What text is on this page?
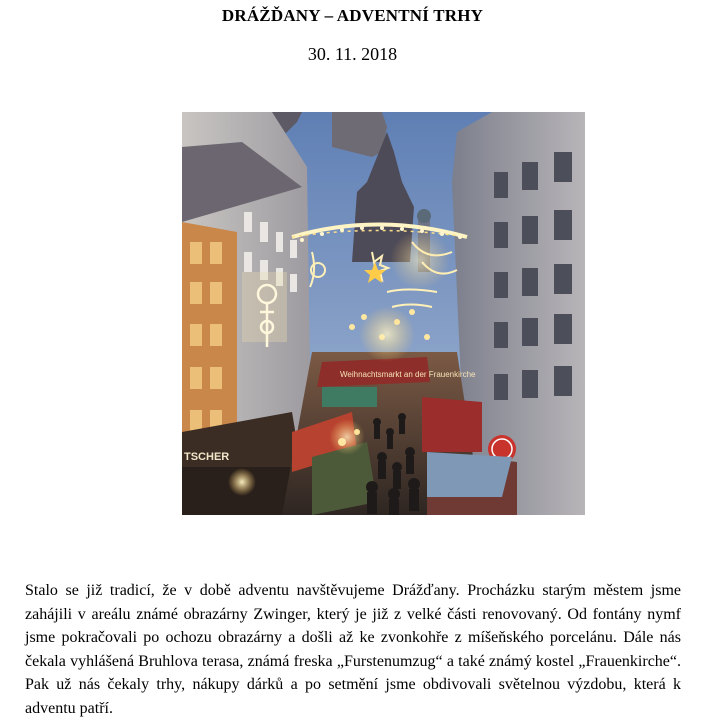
DRÁŽĎANY – ADVENTNÍ TRHY
30. 11. 2018
TSCHER
Weihnachtsmarkt an der Frauenkirche

Stalo se již tradicí, že v době adventu navštěvujeme Drážďany. Procházku starým městem jsme zahájili v areálu známé obrazárny Zwinger, který je již z velké části renovovaný. Od fontány nymf jsme pokračovali po ochozu obrazárny a došli až ke zvonkohře z míšeňského porcelánu. Dále nás čekala vyhlášená Bruhlova terasa, známá freska „Furstenumzug“ a také známý kostel „Frauenkirche“. Pak už nás čekaly trhy, nákupy dárků a po setmění jsme obdivovali světelnou výzdobu, která k adventu patří.
